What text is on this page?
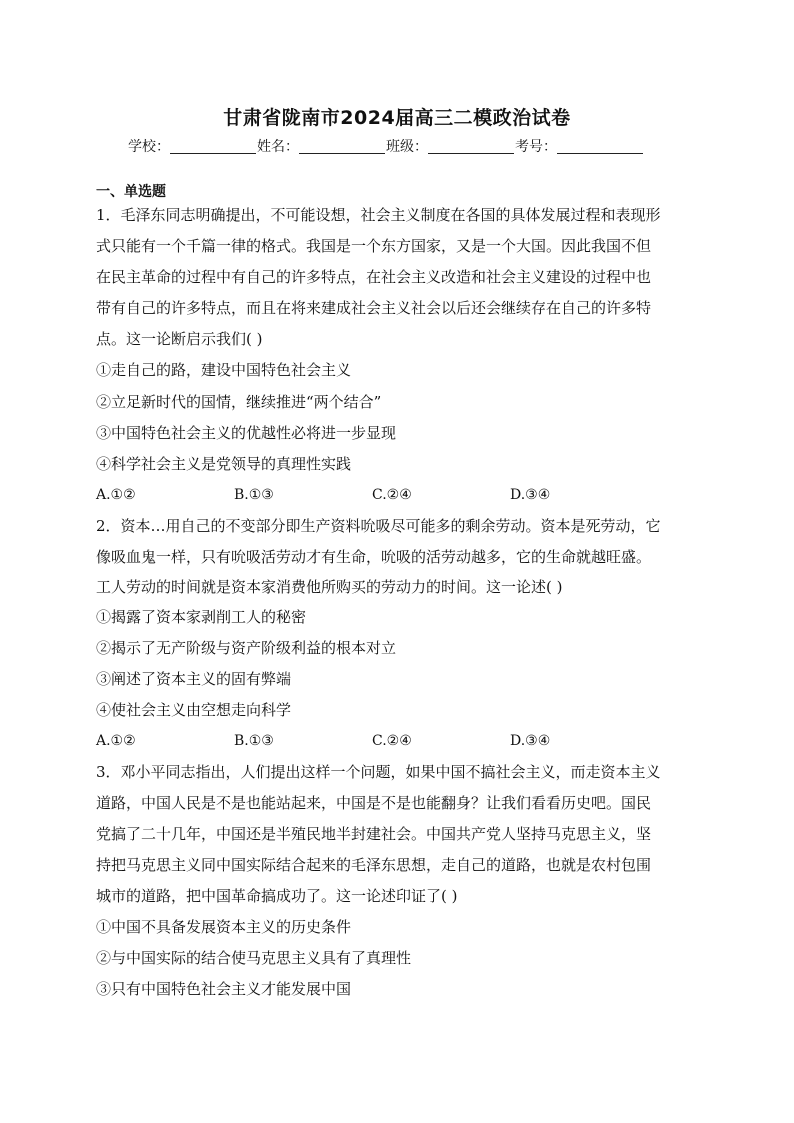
甘肃省陇南市2024届高三二模政治试卷
学校：	姓名：	班级：	考号：
一、单选题
1．毛泽东同志明确提出，不可能设想，社会主义制度在各国的具体发展过程和表现形
式只能有一个千篇一律的格式。我国是一个东方国家，又是一个大国。因此我国不但
在民主革命的过程中有自己的许多特点，在社会主义改造和社会主义建设的过程中也
带有自己的许多特点，而且在将来建成社会主义社会以后还会继续存在自己的许多特
点。这一论断启示我们( )
①走自己的路，建设中国特色社会主义
②立足新时代的国情，继续推进“两个结合”
③中国特色社会主义的优越性必将进一步显现
④科学社会主义是党领导的真理性实践
A.①②	B.①③	C.②④	D.③④
2．资本…用自己的不变部分即生产资料吮吸尽可能多的剩余劳动。资本是死劳动，它
像吸血鬼一样，只有吮吸活劳动才有生命，吮吸的活劳动越多，它的生命就越旺盛。
工人劳动的时间就是资本家消费他所购买的劳动力的时间。这一论述( )
①揭露了资本家剥削工人的秘密
②揭示了无产阶级与资产阶级利益的根本对立
③阐述了资本主义的固有弊端
④使社会主义由空想走向科学
A.①②	B.①③	C.②④	D.③④
3．邓小平同志指出，人们提出这样一个问题，如果中国不搞社会主义，而走资本主义
道路，中国人民是不是也能站起来，中国是不是也能翻身？让我们看看历史吧。国民
党搞了二十几年，中国还是半殖民地半封建社会。中国共产党人坚持马克思主义，坚
持把马克思主义同中国实际结合起来的毛泽东思想，走自己的道路，也就是农村包围
城市的道路，把中国革命搞成功了。这一论述印证了( )
①中国不具备发展资本主义的历史条件
②与中国实际的结合使马克思主义具有了真理性
③只有中国特色社会主义才能发展中国
